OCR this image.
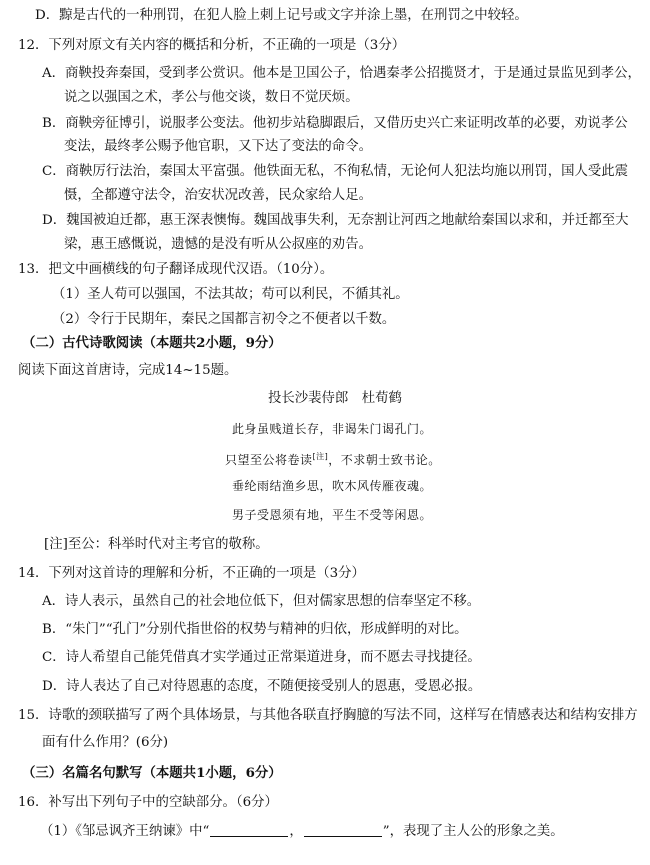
D．黥是古代的一种刑罚，在犯人脸上刺上记号或文字并涂上墨，在刑罚之中较轻。
12．下列对原文有关内容的概括和分析，不正确的一项是（3分）
A．商鞅投奔秦国，受到孝公赏识。他本是卫国公子，恰遇秦孝公招揽贤才，于是通过景监见到孝公，
说之以强国之术，孝公与他交谈，数日不觉厌烦。
B．商鞅旁征博引，说服孝公变法。他初步站稳脚跟后，又借历史兴亡来证明改革的必要，劝说孝公
变法，最终孝公赐予他官职，又下达了变法的命令。
C．商鞅厉行法治，秦国太平富强。他铁面无私，不徇私情，无论何人犯法均施以刑罚，国人受此震
慑，全都遵守法令，治安状况改善，民众家给人足。
D．魏国被迫迁都，惠王深表懊悔。魏国战事失利，无奈割让河西之地献给秦国以求和，并迁都至大
梁，惠王感慨说，遗憾的是没有听从公叔座的劝告。
13．把文中画横线的句子翻译成现代汉语。（10分）。
（1）圣人苟可以强国，不法其故；苟可以利民，不循其礼。
（2）令行于民期年，秦民之国都言初令之不便者以千数。
（二）古代诗歌阅读（本题共2小题，9分）
阅读下面这首唐诗，完成14~15题。
投长沙裴侍郎　杜荀鹤
此身虽贱道长存，非谒朱门谒孔门。
只望至公将卷读[注]，不求朝士致书论。
垂纶雨结渔乡思，吹木风传雁夜魂。
男子受恩须有地，平生不受等闲恩。
[注]至公：科举时代对主考官的敬称。
14．下列对这首诗的理解和分析，不正确的一项是（3分）
A．诗人表示，虽然自己的社会地位低下，但对儒家思想的信奉坚定不移。
B．“朱门”“孔门”分别代指世俗的权势与精神的归依，形成鲜明的对比。
C．诗人希望自己能凭借真才实学通过正常渠道进身，而不愿去寻找捷径。
D．诗人表达了自己对待恩惠的态度，不随便接受别人的恩惠，受恩必报。
15．诗歌的颈联描写了两个具体场景，与其他各联直抒胸臆的写法不同，这样写在情感表达和结构安排方
面有什么作用？(6分)
（三）名篇名句默写（本题共1小题，6分）
16．补写出下列句子中的空缺部分。（6分）
（1）《邹忌讽齐王纳谏》中“	，	”，表现了主人公的形象之美。
